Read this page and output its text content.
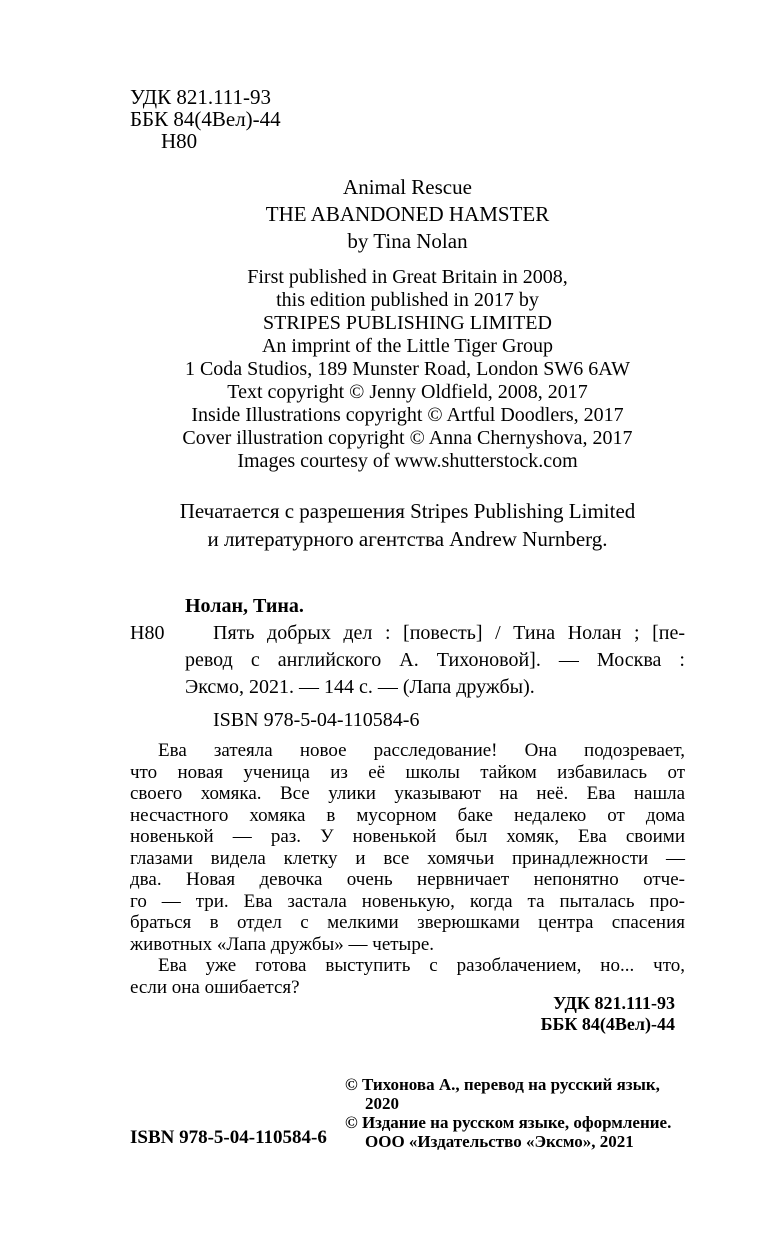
УДК 821.111-93
ББК 84(4Вел)-44
Н80
Animal Rescue
THE ABANDONED HAMSTER
by Tina Nolan
First published in Great Britain in 2008,
this edition published in 2017 by
STRIPES PUBLISHING LIMITED
An imprint of the Little Tiger Group
1 Coda Studios, 189 Munster Road, London SW6 6AW
Text copyright © Jenny Oldfield, 2008, 2017
Inside Illustrations copyright © Artful Doodlers, 2017
Cover illustration copyright © Anna Chernyshova, 2017
Images courtesy of www.shutterstock.com
Печатается с разрешения Stripes Publishing Limited
и литературного агентства Andrew Nurnberg.
Нолан, Тина.
Н80	Пять добрых дел : [повесть] / Тина Нолан ; [пе-
ревод с английского А. Тихоновой]. — Москва :
Эксмо, 2021. — 144 с. — (Лапа дружбы).
ISBN 978-5-04-110584-6
Ева затеяла новое расследование! Она подозревает,
что новая ученица из её школы тайком избавилась от
своего хомяка. Все улики указывают на неё. Ева нашла
несчастного хомяка в мусорном баке недалеко от дома
новенькой — раз. У новенькой был хомяк, Ева своими
глазами видела клетку и все хомячьи принадлежности —
два. Новая девочка очень нервничает непонятно отче-
го — три. Ева застала новенькую, когда та пыталась про-
браться в отдел с мелкими зверюшками центра спасения
животных «Лапа дружбы» — четыре.
Ева уже готова выступить с разоблачением, но... что,
если она ошибается?
УДК 821.111-93
ББК 84(4Вел)-44
ISBN 978-5-04-110584-6
© Тихонова А., перевод на русский язык,
2020
© Издание на русском языке, оформление.
ООО «Издательство «Эксмо», 2021
